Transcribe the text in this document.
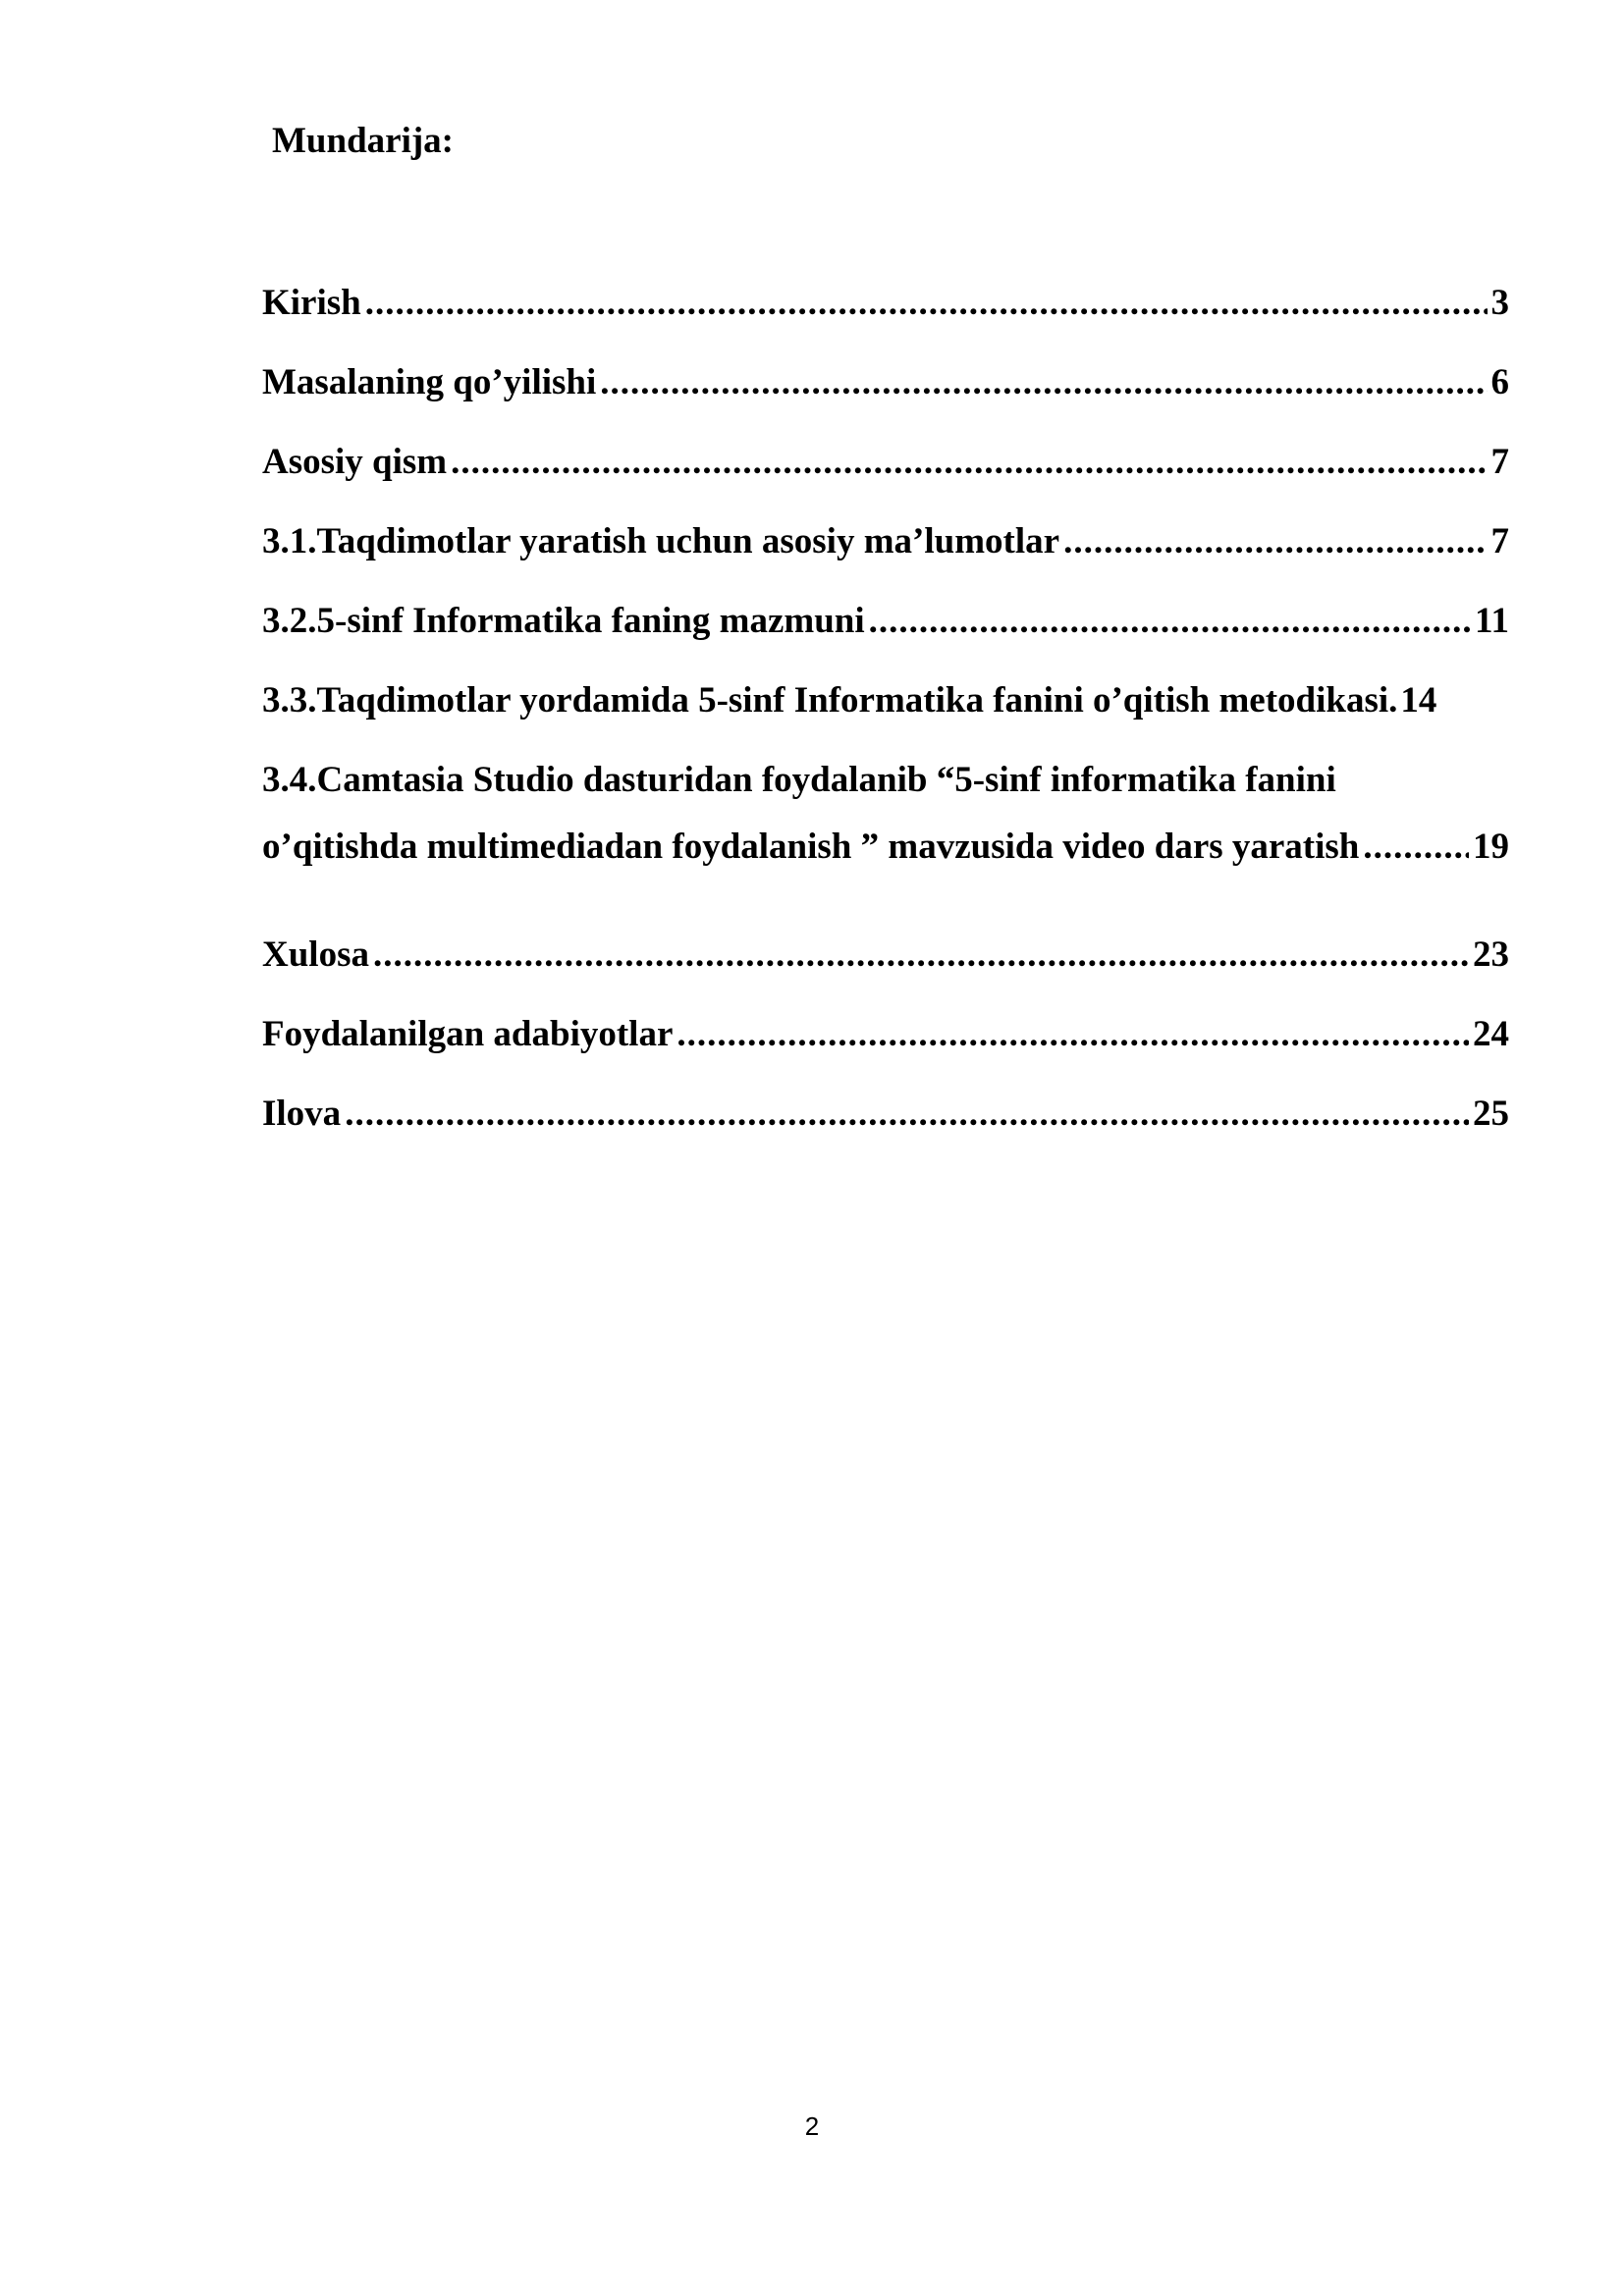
Mundarija:
Kirish .....	3
Masalaning qo’yilishi .....	6
Asosiy qism .....	7
3.1.Taqdimotlar yaratish uchun asosiy ma’lumotlar .....	7
3.2.5-sinf Informatika faning mazmuni .....	11
3.3.Taqdimotlar yordamida 5-sinf Informatika fanini o’qitish metodikasi. 14
3.4.Camtasia Studio dasturidan foydalanib “5-sinf informatika fanini
o’qitishda multimediadan foydalanish ” mavzusida video dars yaratish .....	19
Xulosa .....	23
Foydalanilgan adabiyotlar .....	24
Ilova .....	25
2
